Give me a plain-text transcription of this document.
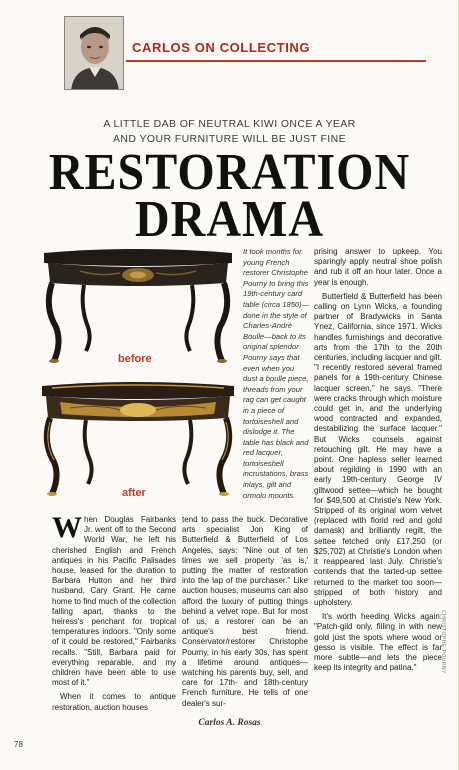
CARLOS ON COLLECTING
A LITTLE DAB OF NEUTRAL KIWI ONCE A YEAR
AND YOUR FURNITURE WILL BE JUST FINE
RESTORATION
DRAMA
before
after
It took months for young French restorer Christophe Pourny to bring this 19th-century card table (circa 1850)—done in the style of Charles-André Boulle—back to its original splendor. Pourny says that even when you dust a boulle piece, threads from your rag can get caught in a piece of tortoiseshell and dislodge it. The table has black and red lacquer, tortoiseshell incrustations, brass inlays, gilt and ormolu mounts.

When Douglas Fairbanks Jr. went off to the Second World War, he left his cherished English and French antiques in his Pacific Palisades house, leased for the duration to Barbara Hutton and her third husband, Cary Grant. He came home to find much of the collection falling apart, thanks to the heiress's penchant for tropical temperatures indoors. "Only some of it could be restored," Fairbanks recalls. "Still, Barbara paid for everything reparable, and my children have been able to use most of it."

When it comes to antique restoration, auction houses

tend to pass the buck. Decorative arts specialist Jon King of Butterfield & Butterfield of Los Angeles, says: "Nine out of ten times we sell property 'as is,' putting the matter of restoration into the lap of the purchaser." Like auction houses, museums can also afford the luxury of putting things behind a velvet rope. But for most of us, a restorer can be an antique's best friend. Conservator/restorer Christophe Pourny, in his early 30s, has spent a lifetime around antiques—watching his parents buy, sell, and care for 17th- and 18th-century French furniture. He tells of one dealer's sur-

prising answer to upkeep. You sparingly apply neutral shoe polish and rub it off an hour later. Once a year is enough.

Butterfield & Butterfield has been calling on Lynn Wicks, a founding partner of Bradywicks in Santa Ynez, California, since 1971. Wicks handles furnishings and decorative arts from the 17th to the 20th centuries, including lacquer and gilt. "I recently restored several framed panels for a 19th-century Chinese lacquer screen," he says. "There were cracks through which moisture could get in, and the underlying wood contracted and expanded, destabilizing the surface lacquer." But Wicks counsels against retouching gilt. He may have a point. One hapless seller learned about regilding in 1990 with an early 19th-century George IV giltwood settee—which he bought for $49,500 at Christie's New York. Stripped of its original worn velvet (replaced with florid red and gold damask) and brilliantly regilt, the settee fetched only £17,250 (or $25,702) at Christie's London when it reappeared last July. Christie's contends that the tarted-up settee returned to the market too soon—stripped of both history and upholstery.

It's worth heeding Wicks again: "Patch-gild only, filling in with new gold just the spots where wood or gesso is visible. The effect is far more subtle—and lets the piece keep its integrity and patina."	CHRISTOPHE POURNY
Carlos A. Rosas
78
